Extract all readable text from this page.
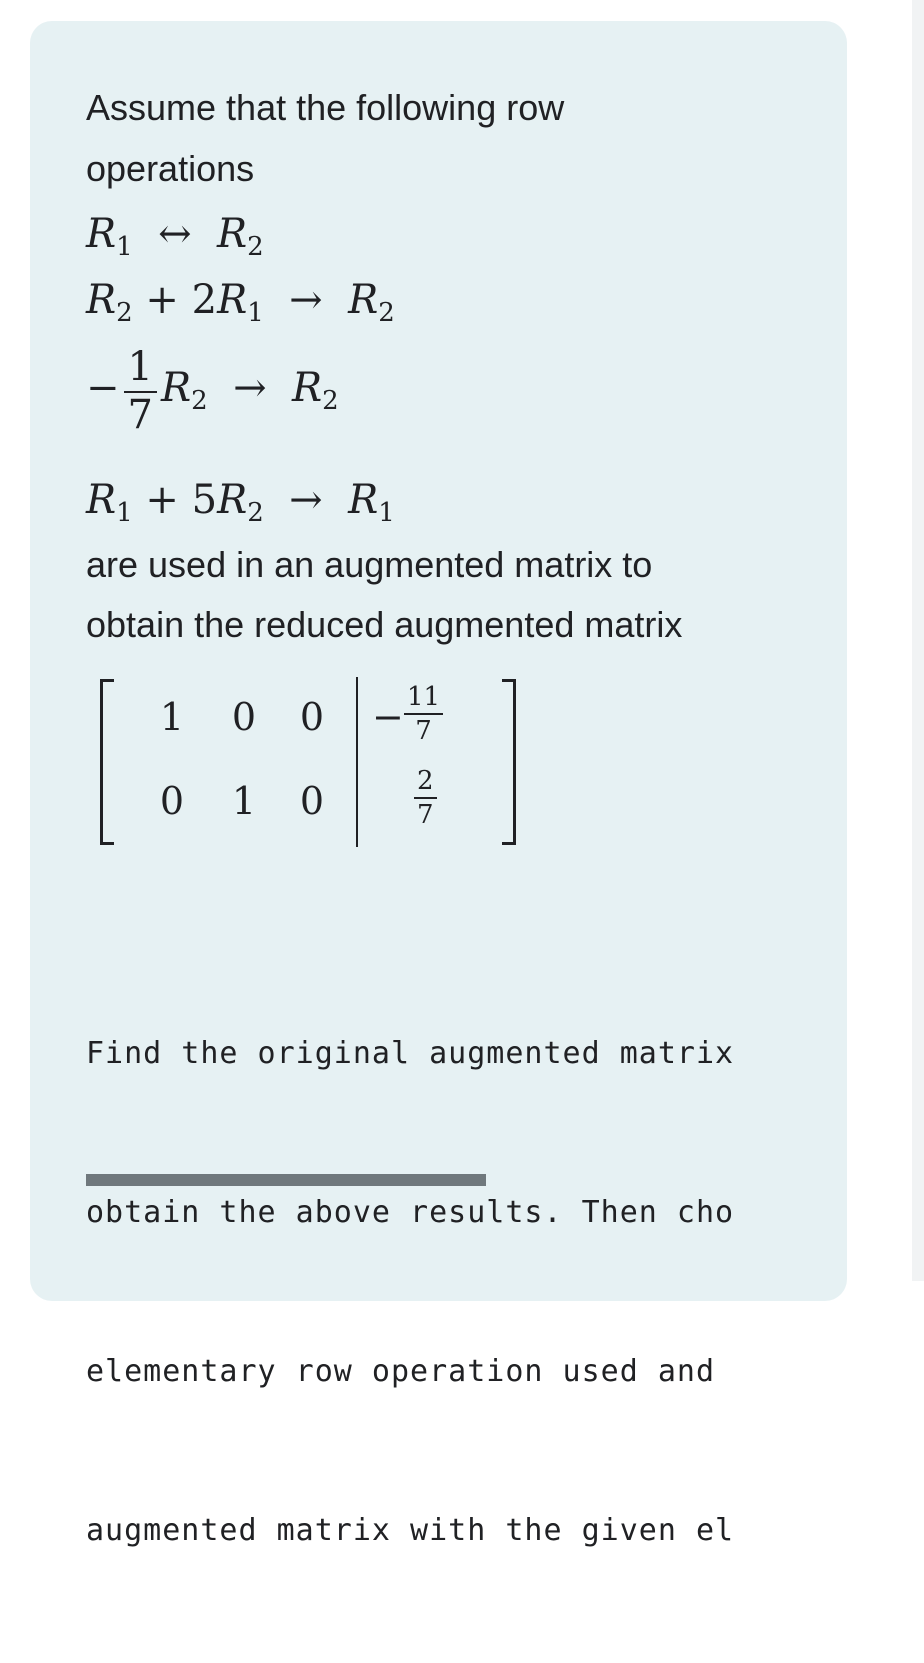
Assume that the following row
operations
$R_1$  ↔  $R_2$
$R_2 + 2R_1 \to R_2$
− $\frac{1}{7} R_2 \to R_2$
$R_1 + 5R_2 \to R_1$
are used in an augmented matrix to
obtain the reduced augmented matrix
1 0 $0 - \frac{11}{7}$
0 1 0	$\frac{2}{7}$

Find the original augmented matrix

obtain the above results. Then cho

elementary row operation used and

augmented matrix with the given el
